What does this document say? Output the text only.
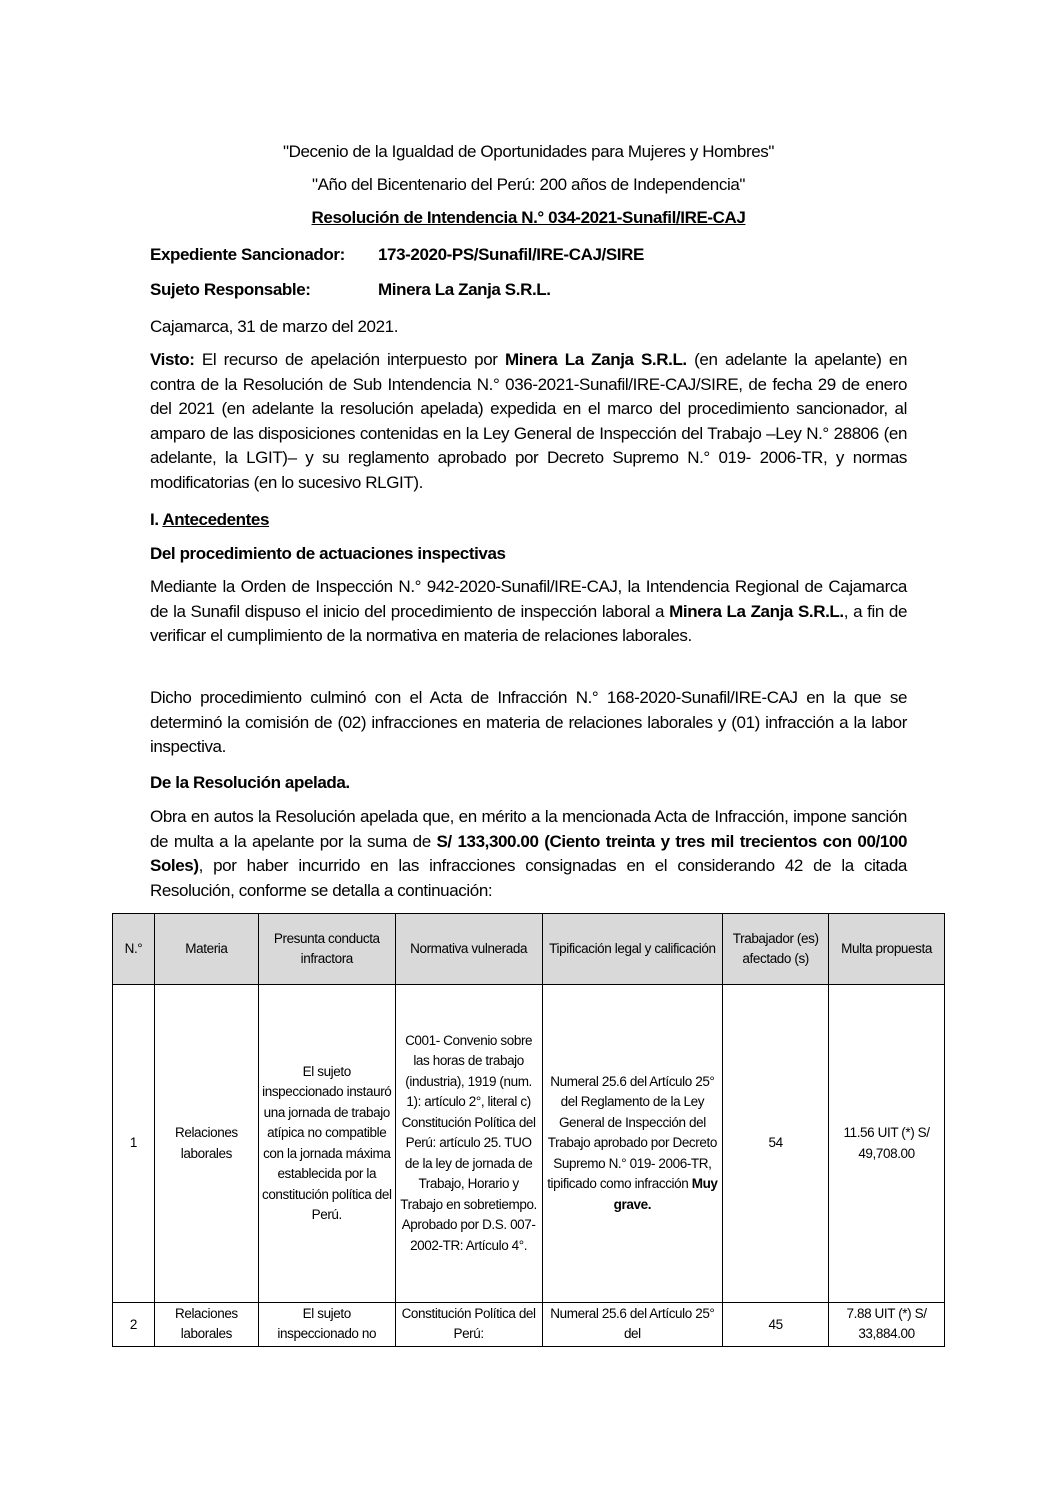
"Decenio de la Igualdad de Oportunidades para Mujeres y Hombres"
"Año del Bicentenario del Perú: 200 años de Independencia"
Resolución de Intendencia N.° 034-2021-Sunafil/IRE-CAJ
Expediente Sancionador: 173-2020-PS/Sunafil/IRE-CAJ/SIRE
Sujeto Responsable:	Minera La Zanja S.R.L.
Cajamarca, 31 de marzo del 2021.
Visto: El recurso de apelación interpuesto por Minera La Zanja S.R.L. (en adelante la apelante) en contra de la Resolución de Sub Intendencia N.° 036-2021-Sunafil/IRE-CAJ/SIRE, de fecha 29 de enero del 2021 (en adelante la resolución apelada) expedida en el marco del procedimiento sancionador, al amparo de las disposiciones contenidas en la Ley General de Inspección del Trabajo –Ley N.° 28806 (en adelante, la LGIT)– y su reglamento aprobado por Decreto Supremo N.° 019- 2006-TR, y normas modificatorias (en lo sucesivo RLGIT).
I. Antecedentes
Del procedimiento de actuaciones inspectivas
Mediante la Orden de Inspección N.° 942-2020-Sunafil/IRE-CAJ, la Intendencia Regional de Cajamarca de la Sunafil dispuso el inicio del procedimiento de inspección laboral a Minera La Zanja S.R.L., a fin de verificar el cumplimiento de la normativa en materia de relaciones laborales.
Dicho procedimiento culminó con el Acta de Infracción N.° 168-2020-Sunafil/IRE-CAJ en la que se determinó la comisión de (02) infracciones en materia de relaciones laborales y (01) infracción a la labor inspectiva.
De la Resolución apelada.
Obra en autos la Resolución apelada que, en mérito a la mencionada Acta de Infracción, impone sanción de multa a la apelante por la suma de S/ 133,300.00 (Ciento treinta y tres mil trecientos con 00/100 Soles), por haber incurrido en las infracciones consignadas en el considerando 42 de la citada Resolución, conforme se detalla a continuación:
N.°	Materia	Presunta conducta infractora	Normativa vulnerada	Tipificación legal y calificación	Trabajador (es) afectado (s)	Multa propuesta
1	Relaciones laborales	El sujeto inspeccionado instauró una jornada de trabajo atípica no compatible con la jornada máxima establecida por la constitución política del Perú.	C001- Convenio sobre las horas de trabajo (industria), 1919 (num. 1): artículo 2°, literal c) Constitución Política del Perú: artículo 25. TUO de la ley de jornada de Trabajo, Horario y Trabajo en sobretiempo. Aprobado por D.S. 007-2002-TR: Artículo 4°.	Numeral 25.6 del Artículo 25° del Reglamento de la Ley General de Inspección del Trabajo aprobado por Decreto Supremo N.° 019- 2006-TR, tipificado como infracción Muy grave.	54	11.56 UIT (*) S/ 49,708.00

2	Relaciones laborales	El sujeto inspeccionado no	Constitución Política del Perú:	Numeral 25.6 del Artículo 25° del	45	7.88 UIT (*) S/ 33,884.00
